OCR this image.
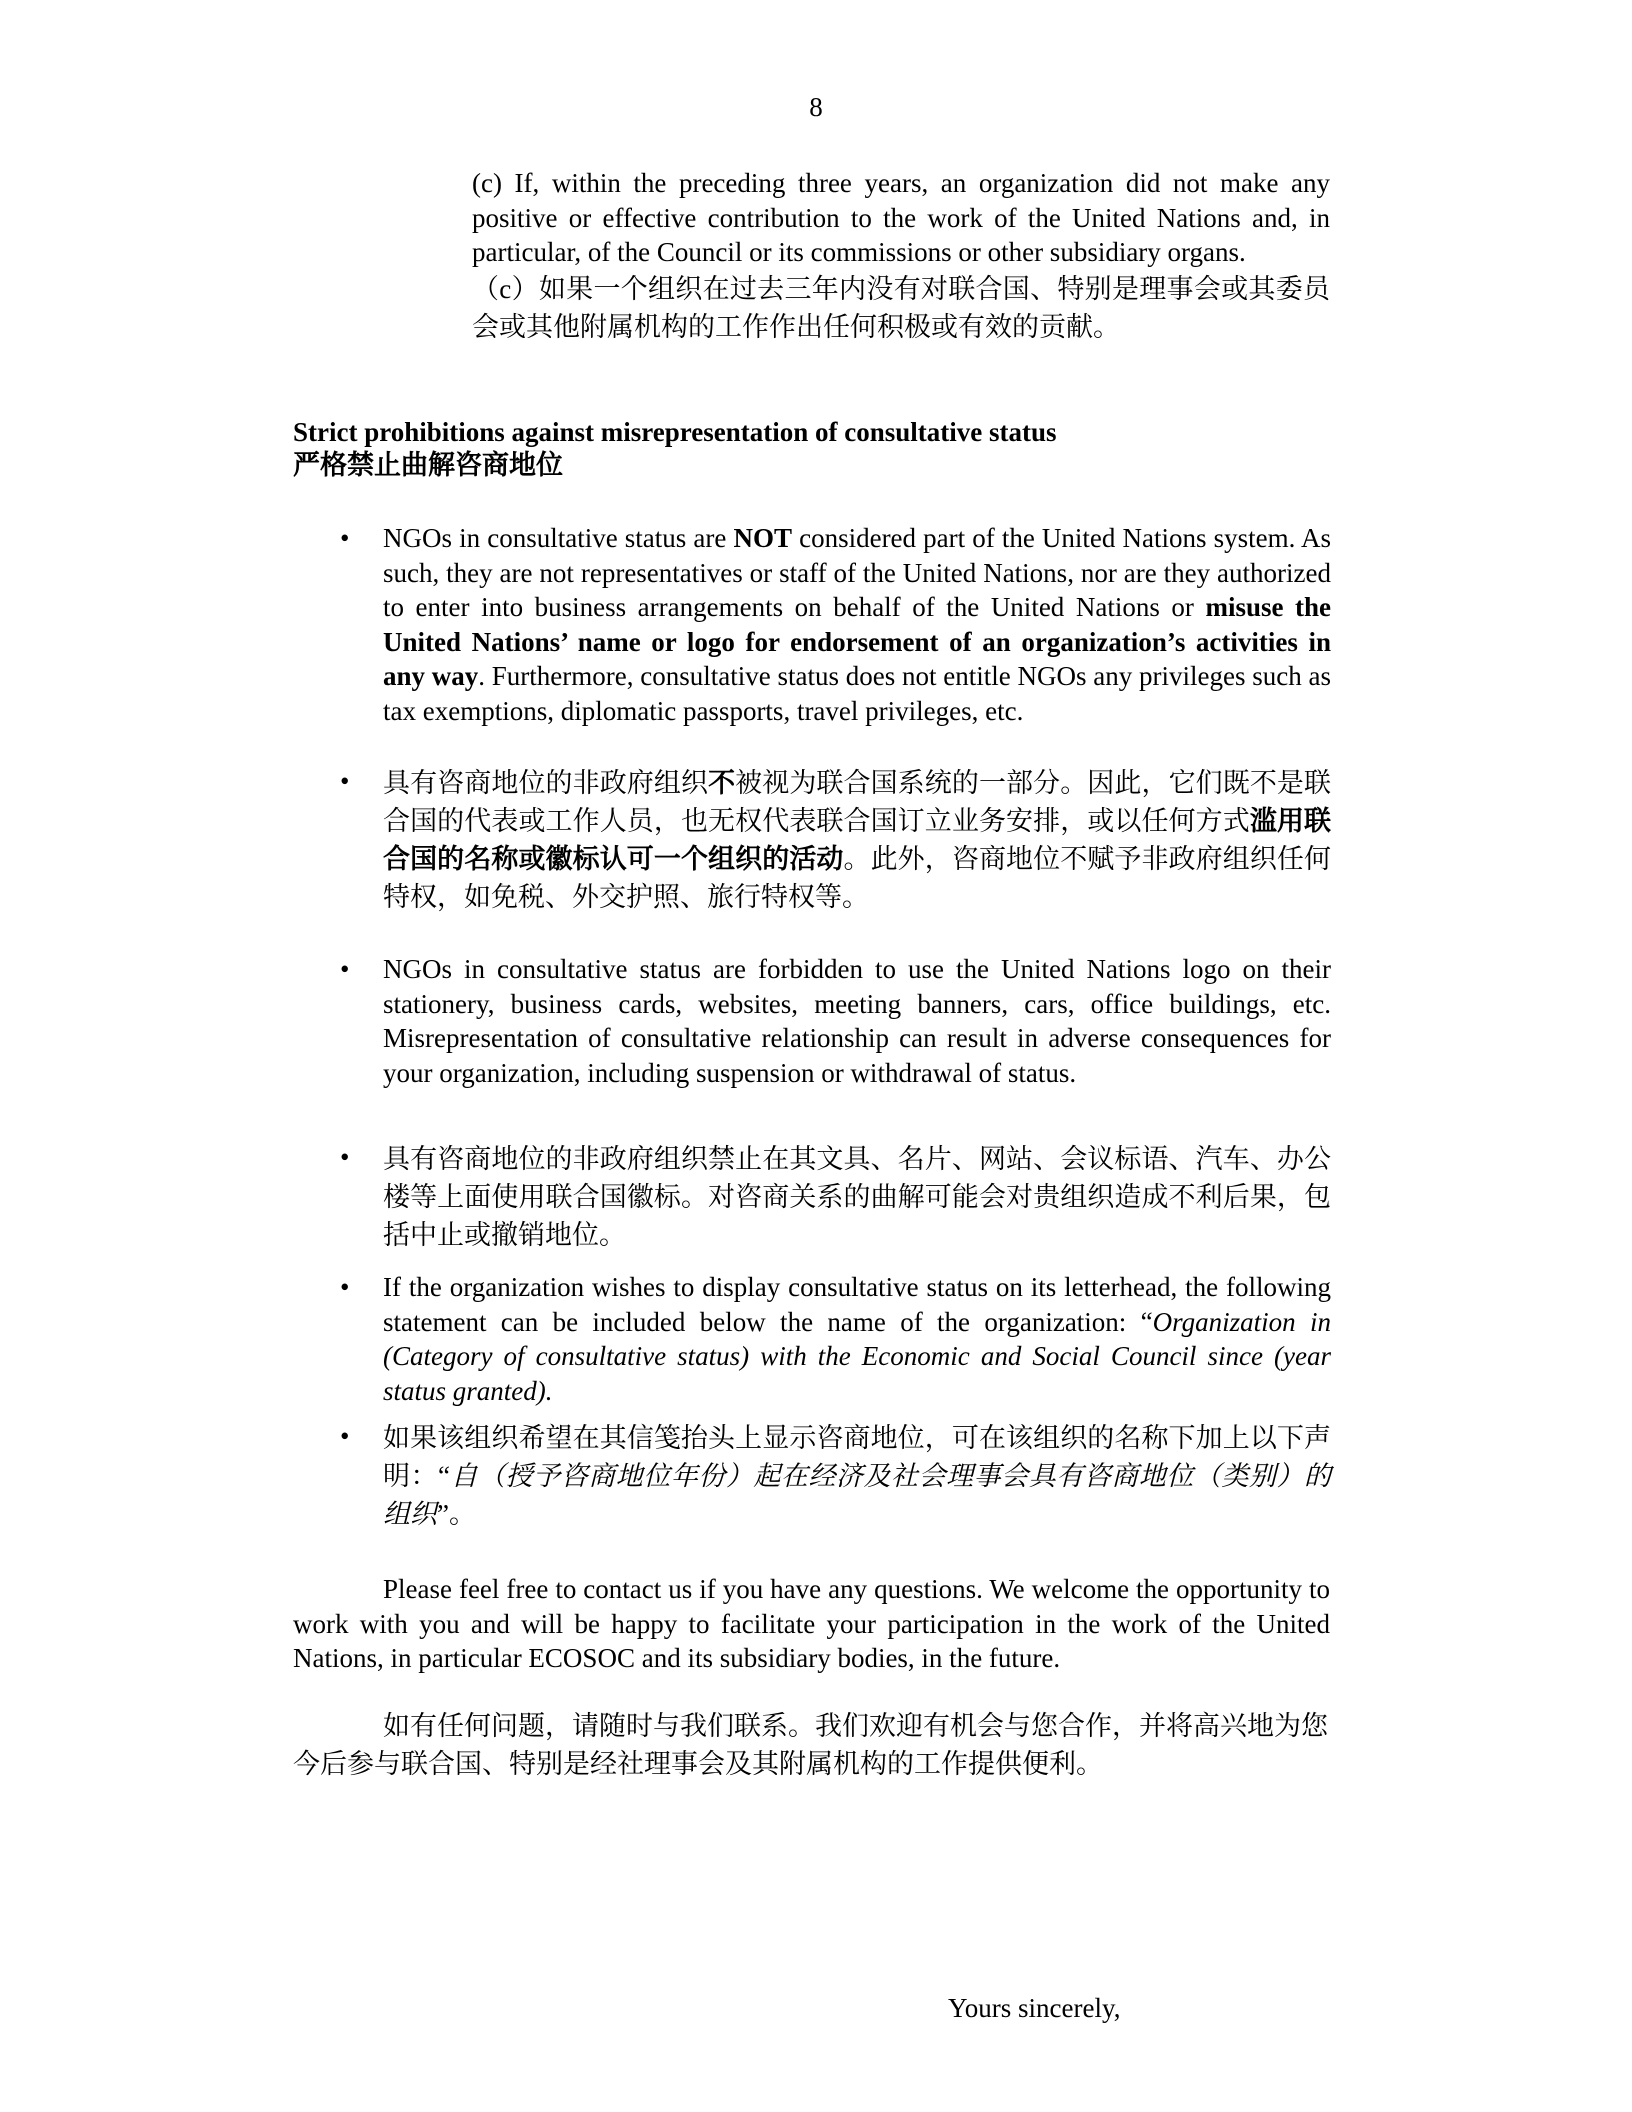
8
(c) If, within the preceding three years, an organization did not make any positive or effective contribution to the work of the United Nations and, in particular, of the Council or its commissions or other subsidiary organs.
（c）如果一个组织在过去三年内没有对联合国、特别是理事会或其委员会或其他附属机构的工作作出任何积极或有效的贡献。
Strict prohibitions against misrepresentation of consultative status
严格禁止曲解咨商地位
•	NGOs in consultative status are NOT considered part of the United Nations system. As such, they are not representatives or staff of the United Nations, nor are they authorized to enter into business arrangements on behalf of the United Nations or misuse the United Nations’ name or logo for endorsement of an organization’s activities in any way. Furthermore, consultative status does not entitle NGOs any privileges such as tax exemptions, diplomatic passports, travel privileges, etc.
•	具有咨商地位的非政府组织不被视为联合国系统的一部分。因此，它们既不是联合国的代表或工作人员，也无权代表联合国订立业务安排，或以任何方式滥用联合国的名称或徽标认可一个组织的活动。此外，咨商地位不赋予非政府组织任何特权，如免税、外交护照、旅行特权等。
•	NGOs in consultative status are forbidden to use the United Nations logo on their stationery, business cards, websites, meeting banners, cars, office buildings, etc. Misrepresentation of consultative relationship can result in adverse consequences for your organization, including suspension or withdrawal of status.
•	具有咨商地位的非政府组织禁止在其文具、名片、网站、会议标语、汽车、办公楼等上面使用联合国徽标。对咨商关系的曲解可能会对贵组织造成不利后果，包括中止或撤销地位。
•	If the organization wishes to display consultative status on its letterhead, the following statement can be included below the name of the organization: “Organization in (Category of consultative status) with the Economic and Social Council since (year status granted).
•	如果该组织希望在其信笺抬头上显示咨商地位，可在该组织的名称下加上以下声明：“自（授予咨商地位年份）起在经济及社会理事会具有咨商地位（类别）的组织”。
Please feel free to contact us if you have any questions. We welcome the opportunity to work with you and will be happy to facilitate your participation in the work of the United Nations, in particular ECOSOC and its subsidiary bodies, in the future.
如有任何问题，请随时与我们联系。我们欢迎有机会与您合作，并将高兴地为您今后参与联合国、特别是经社理事会及其附属机构的工作提供便利。
Yours sincerely,
